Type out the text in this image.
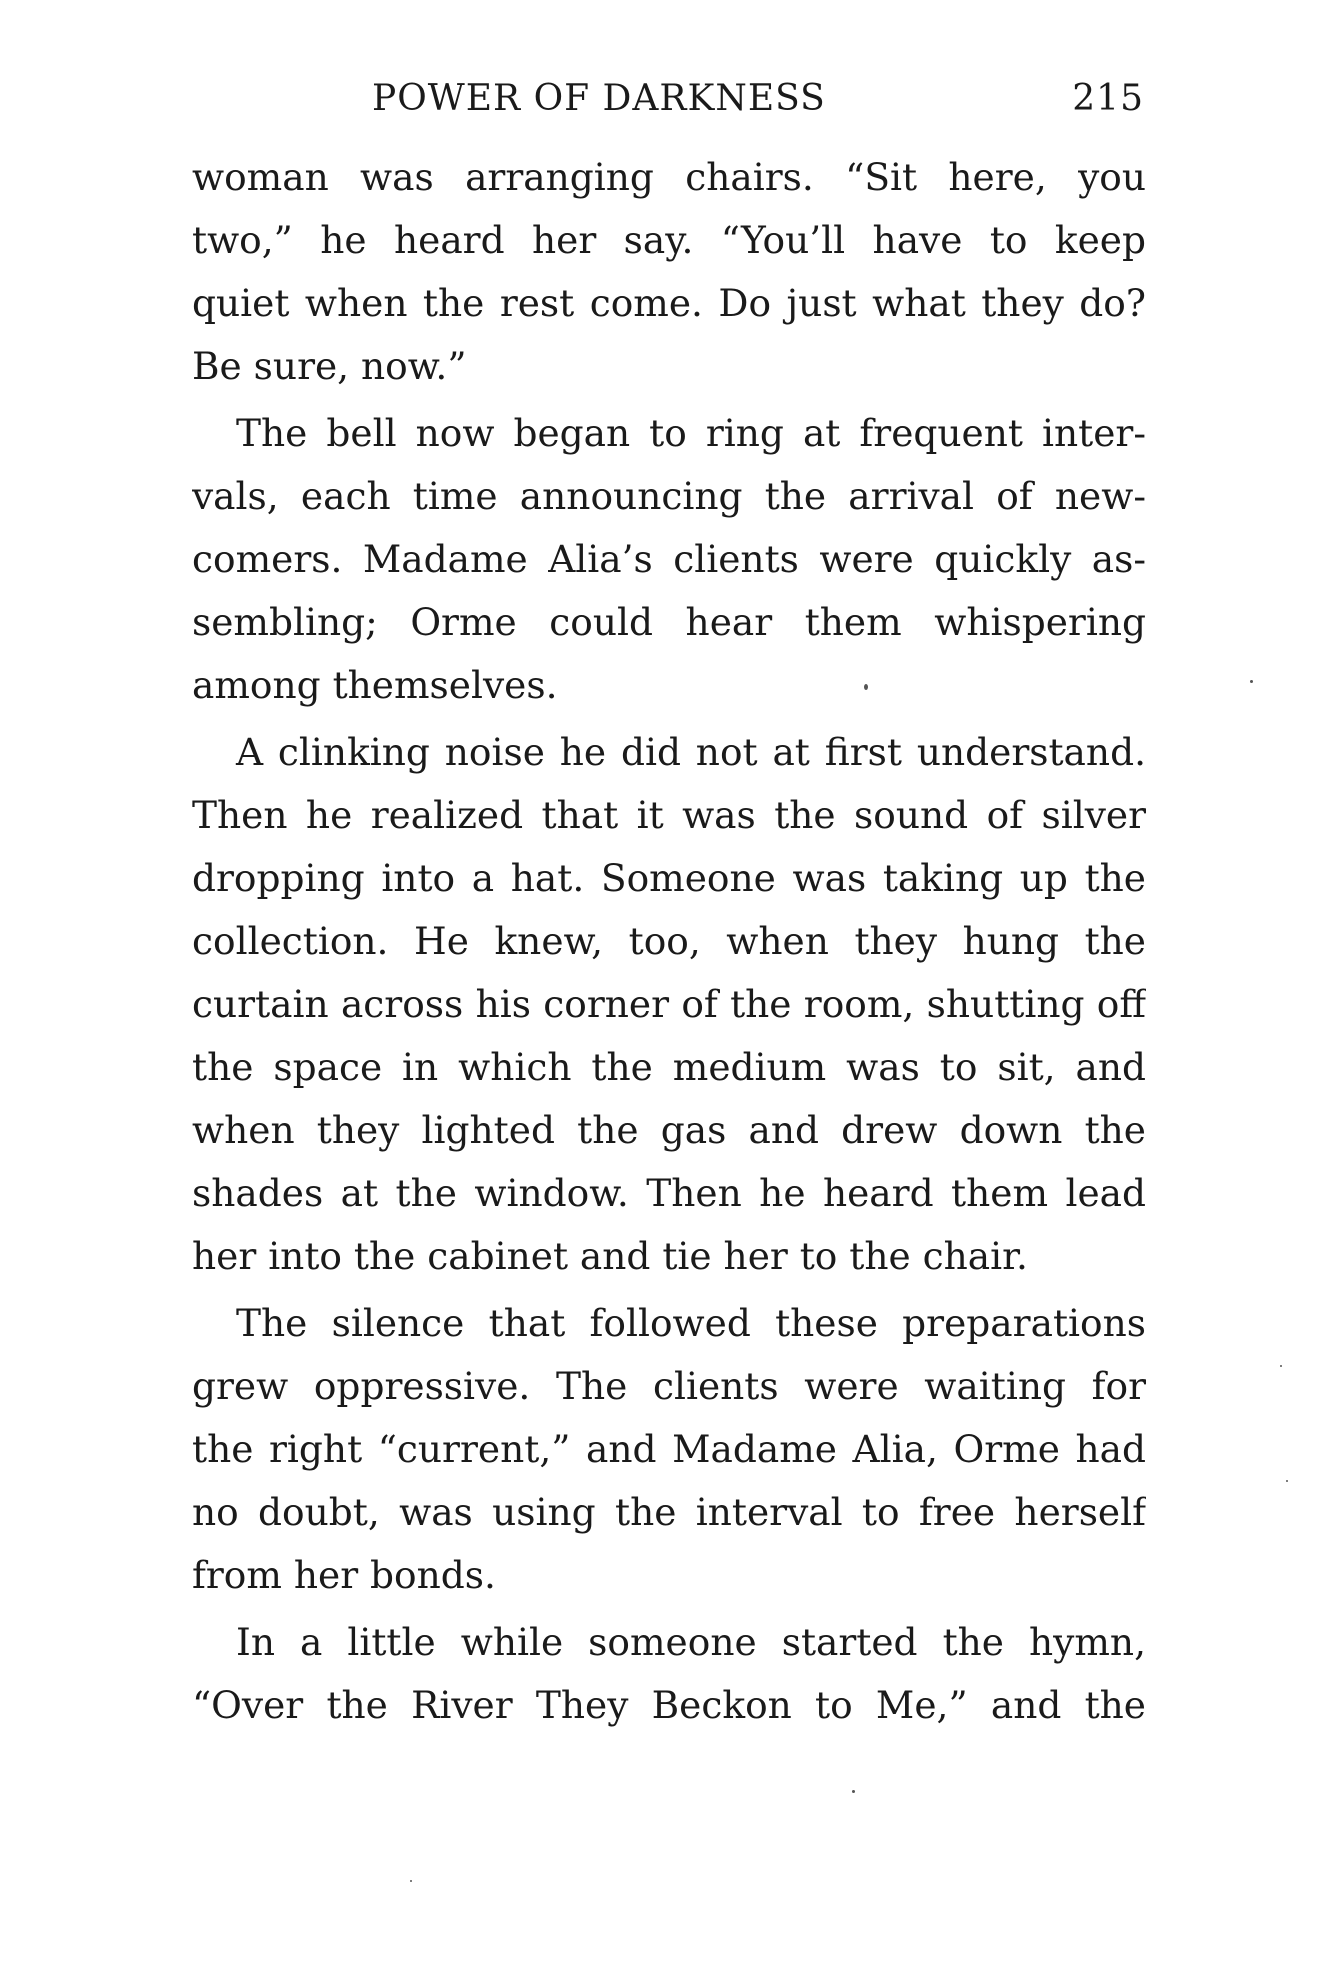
POWER OF DARKNESS	215
woman was arranging chairs. “Sit here, you
two,” he heard her say. “You’ll have to keep
quiet when the rest come. Do just what they do?
Be sure, now.”
The bell now began to ring at frequent inter-
vals, each time announcing the arrival of new-
comers. Madame Alia’s clients were quickly as-
sembling; Orme could hear them whispering
among themselves.
A clinking noise he did not at first understand.
Then he realized that it was the sound of silver
dropping into a hat. Someone was taking up the
collection. He knew, too, when they hung the
curtain across his corner of the room, shutting off
the space in which the medium was to sit, and
when they lighted the gas and drew down the
shades at the window. Then he heard them lead
her into the cabinet and tie her to the chair.
The silence that followed these preparations
grew oppressive. The clients were waiting for
the right “current,” and Madame Alia, Orme had
no doubt, was using the interval to free herself
from her bonds.
In a little while someone started the hymn,
“Over the River They Beckon to Me,” and the
